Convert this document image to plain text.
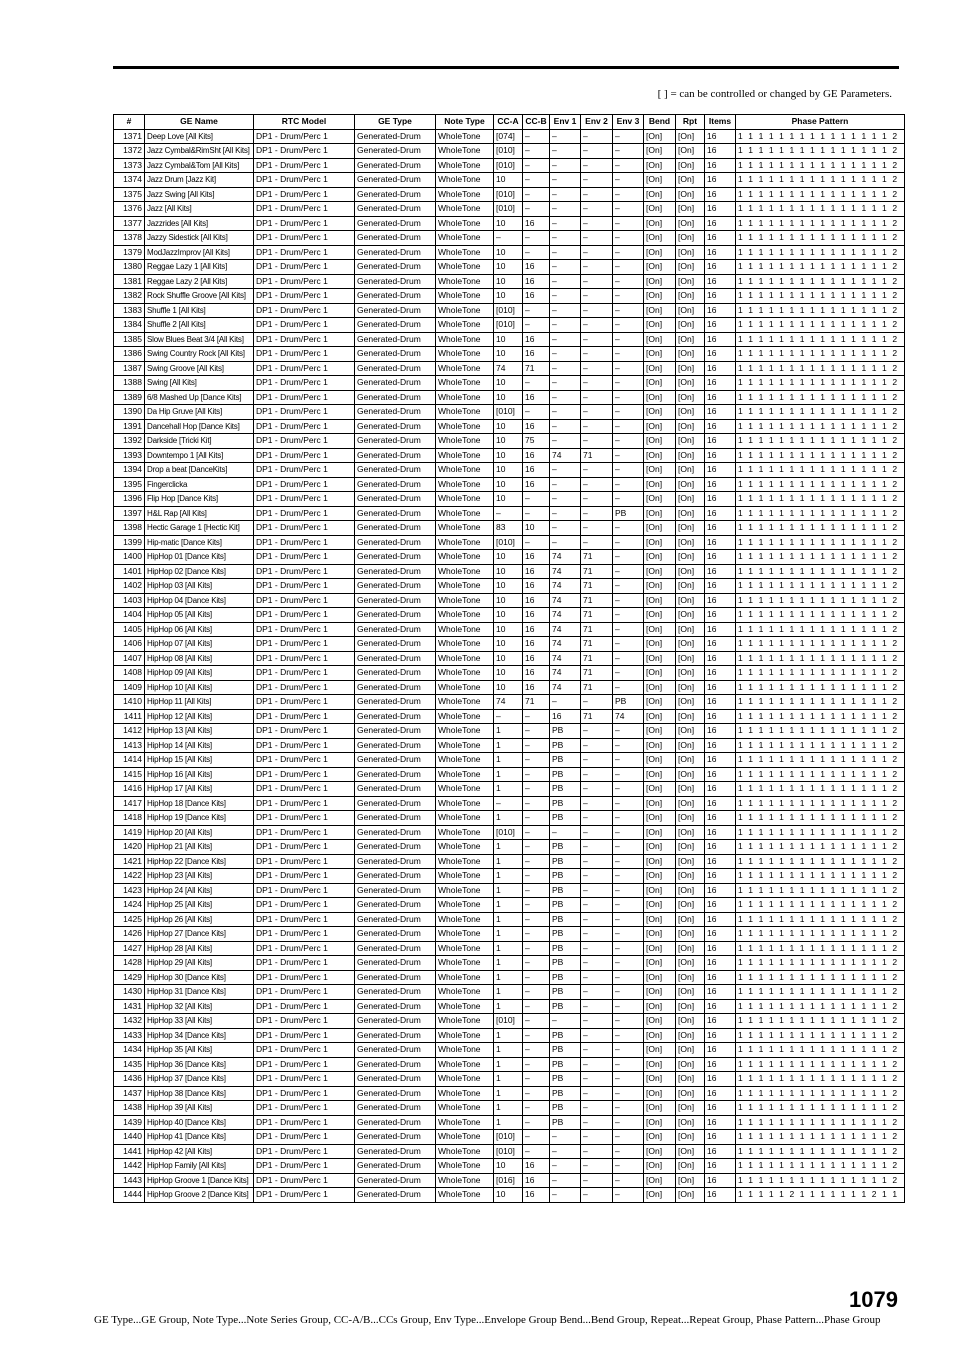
[ ] = can be controlled or changed by GE Parameters.
#	GE Name	RTC Model	GE Type	Note Type	CC-A	CC-B	Env 1	Env 2	Env 3	Bend	Rpt	Items	Phase Pattern
1371	Deep Love [All Kits]	DP1 - Drum/Perc 1	Generated-Drum	WholeTone	[074]	–	–	–	–	[On]	[On]	16	1 1 1 1 1 1 1 1 1 1 1 1 1 1 1 2
1372	Jazz Cymbal&RimSht [All Kits]	DP1 - Drum/Perc 1	Generated-Drum	WholeTone	[010]	–	–	–	–	[On]	[On]	16	1 1 1 1 1 1 1 1 1 1 1 1 1 1 1 2
1373	Jazz Cymbal&Tom [All Kits]	DP1 - Drum/Perc 1	Generated-Drum	WholeTone	[010]	–	–	–	–	[On]	[On]	16	1 1 1 1 1 1 1 1 1 1 1 1 1 1 1 2
1374	Jazz Drum [Jazz Kit]	DP1 - Drum/Perc 1	Generated-Drum	WholeTone	10	–	–	–	–	[On]	[On]	16	1 1 1 1 1 1 1 1 1 1 1 1 1 1 1 2
1375	Jazz Swing [All Kits]	DP1 - Drum/Perc 1	Generated-Drum	WholeTone	[010]	–	–	–	–	[On]	[On]	16	1 1 1 1 1 1 1 1 1 1 1 1 1 1 1 2
1376	Jazz [All Kits]	DP1 - Drum/Perc 1	Generated-Drum	WholeTone	[010]	–	–	–	–	[On]	[On]	16	1 1 1 1 1 1 1 1 1 1 1 1 1 1 1 2
1377	Jazzrides [All Kits]	DP1 - Drum/Perc 1	Generated-Drum	WholeTone	10	16	–	–	–	[On]	[On]	16	1 1 1 1 1 1 1 1 1 1 1 1 1 1 1 2
1378	Jazzy Sidestick [All Kits]	DP1 - Drum/Perc 1	Generated-Drum	WholeTone	–	–	–	–	–	[On]	[On]	16	1 1 1 1 1 1 1 1 1 1 1 1 1 1 1 2
1379	ModJazzImprov [All Kits]	DP1 - Drum/Perc 1	Generated-Drum	WholeTone	10	–	–	–	–	[On]	[On]	16	1 1 1 1 1 1 1 1 1 1 1 1 1 1 1 2
1380	Reggae Lazy 1 [All Kits]	DP1 - Drum/Perc 1	Generated-Drum	WholeTone	10	16	–	–	–	[On]	[On]	16	1 1 1 1 1 1 1 1 1 1 1 1 1 1 1 2
1381	Reggae Lazy 2 [All Kits]	DP1 - Drum/Perc 1	Generated-Drum	WholeTone	10	16	–	–	–	[On]	[On]	16	1 1 1 1 1 1 1 1 1 1 1 1 1 1 1 2
1382	Rock Shuffle Groove [All Kits]	DP1 - Drum/Perc 1	Generated-Drum	WholeTone	10	16	–	–	–	[On]	[On]	16	1 1 1 1 1 1 1 1 1 1 1 1 1 1 1 2
1383	Shuffle 1 [All Kits]	DP1 - Drum/Perc 1	Generated-Drum	WholeTone	[010]	–	–	–	–	[On]	[On]	16	1 1 1 1 1 1 1 1 1 1 1 1 1 1 1 2
1384	Shuffle 2 [All Kits]	DP1 - Drum/Perc 1	Generated-Drum	WholeTone	[010]	–	–	–	–	[On]	[On]	16	1 1 1 1 1 1 1 1 1 1 1 1 1 1 1 2
1385	Slow Blues Beat 3/4 [All Kits]	DP1 - Drum/Perc 1	Generated-Drum	WholeTone	10	16	–	–	–	[On]	[On]	16	1 1 1 1 1 1 1 1 1 1 1 1 1 1 1 2
1386	Swing Country Rock [All Kits]	DP1 - Drum/Perc 1	Generated-Drum	WholeTone	10	16	–	–	–	[On]	[On]	16	1 1 1 1 1 1 1 1 1 1 1 1 1 1 1 2
1387	Swing Groove [All Kits]	DP1 - Drum/Perc 1	Generated-Drum	WholeTone	74	71	–	–	–	[On]	[On]	16	1 1 1 1 1 1 1 1 1 1 1 1 1 1 1 2
1388	Swing [All Kits]	DP1 - Drum/Perc 1	Generated-Drum	WholeTone	10	–	–	–	–	[On]	[On]	16	1 1 1 1 1 1 1 1 1 1 1 1 1 1 1 2
1389	6/8 Mashed Up [Dance Kits]	DP1 - Drum/Perc 1	Generated-Drum	WholeTone	10	16	–	–	–	[On]	[On]	16	1 1 1 1 1 1 1 1 1 1 1 1 1 1 1 2
1390	Da Hip Gruve [All Kits]	DP1 - Drum/Perc 1	Generated-Drum	WholeTone	[010]	–	–	–	–	[On]	[On]	16	1 1 1 1 1 1 1 1 1 1 1 1 1 1 1 2
1391	Dancehall Hop [Dance Kits]	DP1 - Drum/Perc 1	Generated-Drum	WholeTone	10	16	–	–	–	[On]	[On]	16	1 1 1 1 1 1 1 1 1 1 1 1 1 1 1 2
1392	Darkside [Tricki Kit]	DP1 - Drum/Perc 1	Generated-Drum	WholeTone	10	75	–	–	–	[On]	[On]	16	1 1 1 1 1 1 1 1 1 1 1 1 1 1 1 2
1393	Downtempo 1 [All Kits]	DP1 - Drum/Perc 1	Generated-Drum	WholeTone	10	16	74	71	–	[On]	[On]	16	1 1 1 1 1 1 1 1 1 1 1 1 1 1 1 2
1394	Drop a beat [DanceKits]	DP1 - Drum/Perc 1	Generated-Drum	WholeTone	10	16	–	–	–	[On]	[On]	16	1 1 1 1 1 1 1 1 1 1 1 1 1 1 1 2
1395	Fingerclicka	DP1 - Drum/Perc 1	Generated-Drum	WholeTone	10	16	–	–	–	[On]	[On]	16	1 1 1 1 1 1 1 1 1 1 1 1 1 1 1 2
1396	Flip Hop [Dance Kits]	DP1 - Drum/Perc 1	Generated-Drum	WholeTone	10	–	–	–	–	[On]	[On]	16	1 1 1 1 1 1 1 1 1 1 1 1 1 1 1 2
1397	H&L Rap [All Kits]	DP1 - Drum/Perc 1	Generated-Drum	WholeTone	–	–	–	–	PB	[On]	[On]	16	1 1 1 1 1 1 1 1 1 1 1 1 1 1 1 2
1398	Hectic Garage 1 [Hectic Kit]	DP1 - Drum/Perc 1	Generated-Drum	WholeTone	83	10	–	–	–	[On]	[On]	16	1 1 1 1 1 1 1 1 1 1 1 1 1 1 1 2
1399	Hip-matic [Dance Kits]	DP1 - Drum/Perc 1	Generated-Drum	WholeTone	[010]	–	–	–	–	[On]	[On]	16	1 1 1 1 1 1 1 1 1 1 1 1 1 1 1 2
1400	HipHop 01 [Dance Kits]	DP1 - Drum/Perc 1	Generated-Drum	WholeTone	10	16	74	71	–	[On]	[On]	16	1 1 1 1 1 1 1 1 1 1 1 1 1 1 1 2
1401	HipHop 02 [Dance Kits]	DP1 - Drum/Perc 1	Generated-Drum	WholeTone	10	16	74	71	–	[On]	[On]	16	1 1 1 1 1 1 1 1 1 1 1 1 1 1 1 2
1402	HipHop 03 [All Kits]	DP1 - Drum/Perc 1	Generated-Drum	WholeTone	10	16	74	71	–	[On]	[On]	16	1 1 1 1 1 1 1 1 1 1 1 1 1 1 1 2
1403	HipHop 04 [Dance Kits]	DP1 - Drum/Perc 1	Generated-Drum	WholeTone	10	16	74	71	–	[On]	[On]	16	1 1 1 1 1 1 1 1 1 1 1 1 1 1 1 2
1404	HipHop 05 [All Kits]	DP1 - Drum/Perc 1	Generated-Drum	WholeTone	10	16	74	71	–	[On]	[On]	16	1 1 1 1 1 1 1 1 1 1 1 1 1 1 1 2
1405	HipHop 06 [All Kits]	DP1 - Drum/Perc 1	Generated-Drum	WholeTone	10	16	74	71	–	[On]	[On]	16	1 1 1 1 1 1 1 1 1 1 1 1 1 1 1 2
1406	HipHop 07 [All Kits]	DP1 - Drum/Perc 1	Generated-Drum	WholeTone	10	16	74	71	–	[On]	[On]	16	1 1 1 1 1 1 1 1 1 1 1 1 1 1 1 2
1407	HipHop 08 [All Kits]	DP1 - Drum/Perc 1	Generated-Drum	WholeTone	10	16	74	71	–	[On]	[On]	16	1 1 1 1 1 1 1 1 1 1 1 1 1 1 1 2
1408	HipHop 09 [All Kits]	DP1 - Drum/Perc 1	Generated-Drum	WholeTone	10	16	74	71	–	[On]	[On]	16	1 1 1 1 1 1 1 1 1 1 1 1 1 1 1 2
1409	HipHop 10 [All Kits]	DP1 - Drum/Perc 1	Generated-Drum	WholeTone	10	16	74	71	–	[On]	[On]	16	1 1 1 1 1 1 1 1 1 1 1 1 1 1 1 2
1410	HipHop 11 [All Kits]	DP1 - Drum/Perc 1	Generated-Drum	WholeTone	74	71	–	–	PB	[On]	[On]	16	1 1 1 1 1 1 1 1 1 1 1 1 1 1 1 2
1411	HipHop 12 [All Kits]	DP1 - Drum/Perc 1	Generated-Drum	WholeTone	–	–	16	71	74	[On]	[On]	16	1 1 1 1 1 1 1 1 1 1 1 1 1 1 1 2
1412	HipHop 13 [All Kits]	DP1 - Drum/Perc 1	Generated-Drum	WholeTone	1	–	PB	–	–	[On]	[On]	16	1 1 1 1 1 1 1 1 1 1 1 1 1 1 1 2
1413	HipHop 14 [All Kits]	DP1 - Drum/Perc 1	Generated-Drum	WholeTone	1	–	PB	–	–	[On]	[On]	16	1 1 1 1 1 1 1 1 1 1 1 1 1 1 1 2
1414	HipHop 15 [All Kits]	DP1 - Drum/Perc 1	Generated-Drum	WholeTone	1	–	PB	–	–	[On]	[On]	16	1 1 1 1 1 1 1 1 1 1 1 1 1 1 1 2
1415	HipHop 16 [All Kits]	DP1 - Drum/Perc 1	Generated-Drum	WholeTone	1	–	PB	–	–	[On]	[On]	16	1 1 1 1 1 1 1 1 1 1 1 1 1 1 1 2
1416	HipHop 17 [All Kits]	DP1 - Drum/Perc 1	Generated-Drum	WholeTone	1	–	PB	–	–	[On]	[On]	16	1 1 1 1 1 1 1 1 1 1 1 1 1 1 1 2
1417	HipHop 18 [Dance Kits]	DP1 - Drum/Perc 1	Generated-Drum	WholeTone	–	–	PB	–	–	[On]	[On]	16	1 1 1 1 1 1 1 1 1 1 1 1 1 1 1 2
1418	HipHop 19 [Dance Kits]	DP1 - Drum/Perc 1	Generated-Drum	WholeTone	1	–	PB	–	–	[On]	[On]	16	1 1 1 1 1 1 1 1 1 1 1 1 1 1 1 2
1419	HipHop 20 [All Kits]	DP1 - Drum/Perc 1	Generated-Drum	WholeTone	[010]	–	–	–	–	[On]	[On]	16	1 1 1 1 1 1 1 1 1 1 1 1 1 1 1 2
1420	HipHop 21 [All Kits]	DP1 - Drum/Perc 1	Generated-Drum	WholeTone	1	–	PB	–	–	[On]	[On]	16	1 1 1 1 1 1 1 1 1 1 1 1 1 1 1 2
1421	HipHop 22 [Dance Kits]	DP1 - Drum/Perc 1	Generated-Drum	WholeTone	1	–	PB	–	–	[On]	[On]	16	1 1 1 1 1 1 1 1 1 1 1 1 1 1 1 2
1422	HipHop 23 [All Kits]	DP1 - Drum/Perc 1	Generated-Drum	WholeTone	1	–	PB	–	–	[On]	[On]	16	1 1 1 1 1 1 1 1 1 1 1 1 1 1 1 2
1423	HipHop 24 [All Kits]	DP1 - Drum/Perc 1	Generated-Drum	WholeTone	1	–	PB	–	–	[On]	[On]	16	1 1 1 1 1 1 1 1 1 1 1 1 1 1 1 2
1424	HipHop 25 [All Kits]	DP1 - Drum/Perc 1	Generated-Drum	WholeTone	1	–	PB	–	–	[On]	[On]	16	1 1 1 1 1 1 1 1 1 1 1 1 1 1 1 2
1425	HipHop 26 [All Kits]	DP1 - Drum/Perc 1	Generated-Drum	WholeTone	1	–	PB	–	–	[On]	[On]	16	1 1 1 1 1 1 1 1 1 1 1 1 1 1 1 2
1426	HipHop 27 [Dance Kits]	DP1 - Drum/Perc 1	Generated-Drum	WholeTone	1	–	PB	–	–	[On]	[On]	16	1 1 1 1 1 1 1 1 1 1 1 1 1 1 1 2
1427	HipHop 28 [All Kits]	DP1 - Drum/Perc 1	Generated-Drum	WholeTone	1	–	PB	–	–	[On]	[On]	16	1 1 1 1 1 1 1 1 1 1 1 1 1 1 1 2
1428	HipHop 29 [All Kits]	DP1 - Drum/Perc 1	Generated-Drum	WholeTone	1	–	PB	–	–	[On]	[On]	16	1 1 1 1 1 1 1 1 1 1 1 1 1 1 1 2
1429	HipHop 30 [Dance Kits]	DP1 - Drum/Perc 1	Generated-Drum	WholeTone	1	–	PB	–	–	[On]	[On]	16	1 1 1 1 1 1 1 1 1 1 1 1 1 1 1 2
1430	HipHop 31 [Dance Kits]	DP1 - Drum/Perc 1	Generated-Drum	WholeTone	1	–	PB	–	–	[On]	[On]	16	1 1 1 1 1 1 1 1 1 1 1 1 1 1 1 2
1431	HipHop 32 [All Kits]	DP1 - Drum/Perc 1	Generated-Drum	WholeTone	1	–	PB	–	–	[On]	[On]	16	1 1 1 1 1 1 1 1 1 1 1 1 1 1 1 2
1432	HipHop 33 [All Kits]	DP1 - Drum/Perc 1	Generated-Drum	WholeTone	[010]	–	–	–	–	[On]	[On]	16	1 1 1 1 1 1 1 1 1 1 1 1 1 1 1 2
1433	HipHop 34 [Dance Kits]	DP1 - Drum/Perc 1	Generated-Drum	WholeTone	1	–	PB	–	–	[On]	[On]	16	1 1 1 1 1 1 1 1 1 1 1 1 1 1 1 2
1434	HipHop 35 [All Kits]	DP1 - Drum/Perc 1	Generated-Drum	WholeTone	1	–	PB	–	–	[On]	[On]	16	1 1 1 1 1 1 1 1 1 1 1 1 1 1 1 2
1435	HipHop 36 [Dance Kits]	DP1 - Drum/Perc 1	Generated-Drum	WholeTone	1	–	PB	–	–	[On]	[On]	16	1 1 1 1 1 1 1 1 1 1 1 1 1 1 1 2
1436	HipHop 37 [Dance Kits]	DP1 - Drum/Perc 1	Generated-Drum	WholeTone	1	–	PB	–	–	[On]	[On]	16	1 1 1 1 1 1 1 1 1 1 1 1 1 1 1 2
1437	HipHop 38 [Dance Kits]	DP1 - Drum/Perc 1	Generated-Drum	WholeTone	1	–	PB	–	–	[On]	[On]	16	1 1 1 1 1 1 1 1 1 1 1 1 1 1 1 2
1438	HipHop 39 [All Kits]	DP1 - Drum/Perc 1	Generated-Drum	WholeTone	1	–	PB	–	–	[On]	[On]	16	1 1 1 1 1 1 1 1 1 1 1 1 1 1 1 2
1439	HipHop 40 [Dance Kits]	DP1 - Drum/Perc 1	Generated-Drum	WholeTone	1	–	PB	–	–	[On]	[On]	16	1 1 1 1 1 1 1 1 1 1 1 1 1 1 1 2
1440	HipHop 41 [Dance Kits]	DP1 - Drum/Perc 1	Generated-Drum	WholeTone	[010]	–	–	–	–	[On]	[On]	16	1 1 1 1 1 1 1 1 1 1 1 1 1 1 1 2
1441	HipHop 42 [All Kits]	DP1 - Drum/Perc 1	Generated-Drum	WholeTone	[010]	–	–	–	–	[On]	[On]	16	1 1 1 1 1 1 1 1 1 1 1 1 1 1 1 2
1442	HipHop Family [All Kits]	DP1 - Drum/Perc 1	Generated-Drum	WholeTone	10	16	–	–	–	[On]	[On]	16	1 1 1 1 1 1 1 1 1 1 1 1 1 1 1 2
1443	HipHop Groove 1 [Dance Kits]	DP1 - Drum/Perc 1	Generated-Drum	WholeTone	[016]	16	–	–	–	[On]	[On]	16	1 1 1 1 1 1 1 1 1 1 1 1 1 1 1 2
1444	HipHop Groove 2 [Dance Kits]	DP1 - Drum/Perc 1	Generated-Drum	WholeTone	10	16	–	–	–	[On]	[On]	16	1 1 1 1 1 2 1 1 1 1 1 1 1 2 1 1
1079
GE Type...GE Group, Note Type...Note Series Group, CC-A/B...CCs Group, Env Type...Envelope Group Bend...Bend Group, Repeat...Repeat Group, Phase Pattern...Phase Group
